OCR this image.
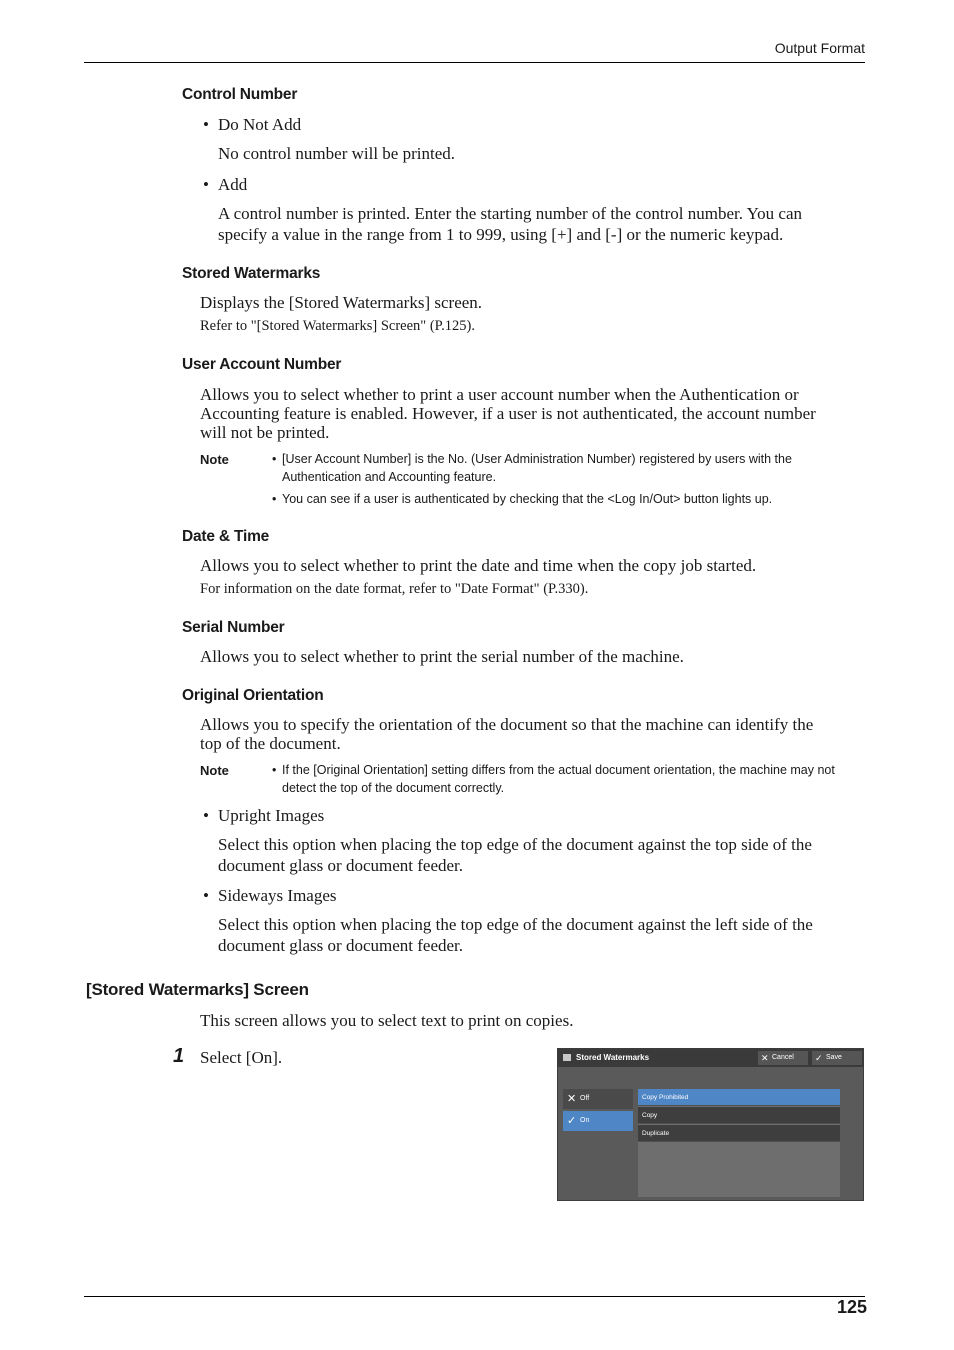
Output Format
Control Number
• Do Not Add
No control number will be printed.
• Add
A control number is printed. Enter the starting number of the control number. You can
specify a value in the range from 1 to 999, using [+] and [-] or the numeric keypad.
Stored Watermarks
Displays the [Stored Watermarks] screen.
Refer to "[Stored Watermarks] Screen" (P.125).
User Account Number
Allows you to select whether to print a user account number when the Authentication or
Accounting feature is enabled. However, if a user is not authenticated, the account number
will not be printed.
Note	• [User Account Number] is the No. (User Administration Number) registered by users with the
Authentication and Accounting feature.
• You can see if a user is authenticated by checking that the <Log In/Out> button lights up.
Date & Time
Allows you to select whether to print the date and time when the copy job started.
For information on the date format, refer to "Date Format" (P.330).
Serial Number
Allows you to select whether to print the serial number of the machine.
Original Orientation
Allows you to specify the orientation of the document so that the machine can identify the
top of the document.
Note	• If the [Original Orientation] setting differs from the actual document orientation, the machine may not
detect the top of the document correctly.
• Upright Images
Select this option when placing the top edge of the document against the top side of the
document glass or document feeder.
• Sideways Images
Select this option when placing the top edge of the document against the left side of the
document glass or document feeder.
[Stored Watermarks] Screen
This screen allows you to select text to print on copies.
1 Select [On].	Stored Watermarks	✕ Cancel	✓ Save
✕ Off
✓ On
Copy Prohibited
Copy
Duplicate
125
